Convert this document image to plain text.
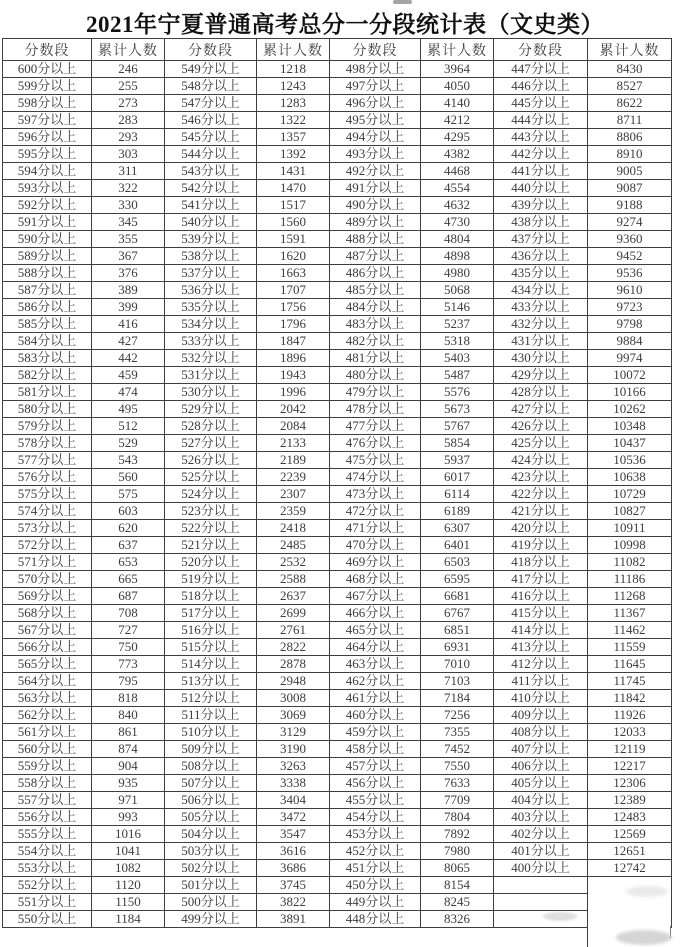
2021年宁夏普通高考总分一分段统计表（文史类）
分数段	累计人数	分数段	累计人数	分数段	累计人数	分数段	累计人数
600分以上	246	549分以上	1218	498分以上	3964	447分以上	8430
599分以上	255	548分以上	1243	497分以上	4050	446分以上	8527
598分以上	273	547分以上	1283	496分以上	4140	445分以上	8622
597分以上	283	546分以上	1322	495分以上	4212	444分以上	8711
596分以上	293	545分以上	1357	494分以上	4295	443分以上	8806
595分以上	303	544分以上	1392	493分以上	4382	442分以上	8910
594分以上	311	543分以上	1431	492分以上	4468	441分以上	9005
593分以上	322	542分以上	1470	491分以上	4554	440分以上	9087
592分以上	330	541分以上	1517	490分以上	4632	439分以上	9188
591分以上	345	540分以上	1560	489分以上	4730	438分以上	9274
590分以上	355	539分以上	1591	488分以上	4804	437分以上	9360
589分以上	367	538分以上	1620	487分以上	4898	436分以上	9452
588分以上	376	537分以上	1663	486分以上	4980	435分以上	9536
587分以上	389	536分以上	1707	485分以上	5068	434分以上	9610
586分以上	399	535分以上	1756	484分以上	5146	433分以上	9723
585分以上	416	534分以上	1796	483分以上	5237	432分以上	9798
584分以上	427	533分以上	1847	482分以上	5318	431分以上	9884
583分以上	442	532分以上	1896	481分以上	5403	430分以上	9974
582分以上	459	531分以上	1943	480分以上	5487	429分以上	10072
581分以上	474	530分以上	1996	479分以上	5576	428分以上	10166
580分以上	495	529分以上	2042	478分以上	5673	427分以上	10262
579分以上	512	528分以上	2084	477分以上	5767	426分以上	10348
578分以上	529	527分以上	2133	476分以上	5854	425分以上	10437
577分以上	543	526分以上	2189	475分以上	5937	424分以上	10536
576分以上	560	525分以上	2239	474分以上	6017	423分以上	10638
575分以上	575	524分以上	2307	473分以上	6114	422分以上	10729
574分以上	603	523分以上	2359	472分以上	6189	421分以上	10827
573分以上	620	522分以上	2418	471分以上	6307	420分以上	10911
572分以上	637	521分以上	2485	470分以上	6401	419分以上	10998
571分以上	653	520分以上	2532	469分以上	6503	418分以上	11082
570分以上	665	519分以上	2588	468分以上	6595	417分以上	11186
569分以上	687	518分以上	2637	467分以上	6681	416分以上	11268
568分以上	708	517分以上	2699	466分以上	6767	415分以上	11367
567分以上	727	516分以上	2761	465分以上	6851	414分以上	11462
566分以上	750	515分以上	2822	464分以上	6931	413分以上	11559
565分以上	773	514分以上	2878	463分以上	7010	412分以上	11645
564分以上	795	513分以上	2948	462分以上	7103	411分以上	11745
563分以上	818	512分以上	3008	461分以上	7184	410分以上	11842
562分以上	840	511分以上	3069	460分以上	7256	409分以上	11926
561分以上	861	510分以上	3129	459分以上	7355	408分以上	12033
560分以上	874	509分以上	3190	458分以上	7452	407分以上	12119
559分以上	904	508分以上	3263	457分以上	7550	406分以上	12217
558分以上	935	507分以上	3338	456分以上	7633	405分以上	12306
557分以上	971	506分以上	3404	455分以上	7709	404分以上	12389
556分以上	993	505分以上	3472	454分以上	7804	403分以上	12483
555分以上	1016	504分以上	3547	453分以上	7892	402分以上	12569
554分以上	1041	503分以上	3616	452分以上	7980	401分以上	12651
553分以上	1082	502分以上	3686	451分以上	8065	400分以上	12742
552分以上	1120	501分以上	3745	450分以上	8154		
551分以上	1150	500分以上	3822	449分以上	8245		
550分以上	1184	499分以上	3891	448分以上	8326		
